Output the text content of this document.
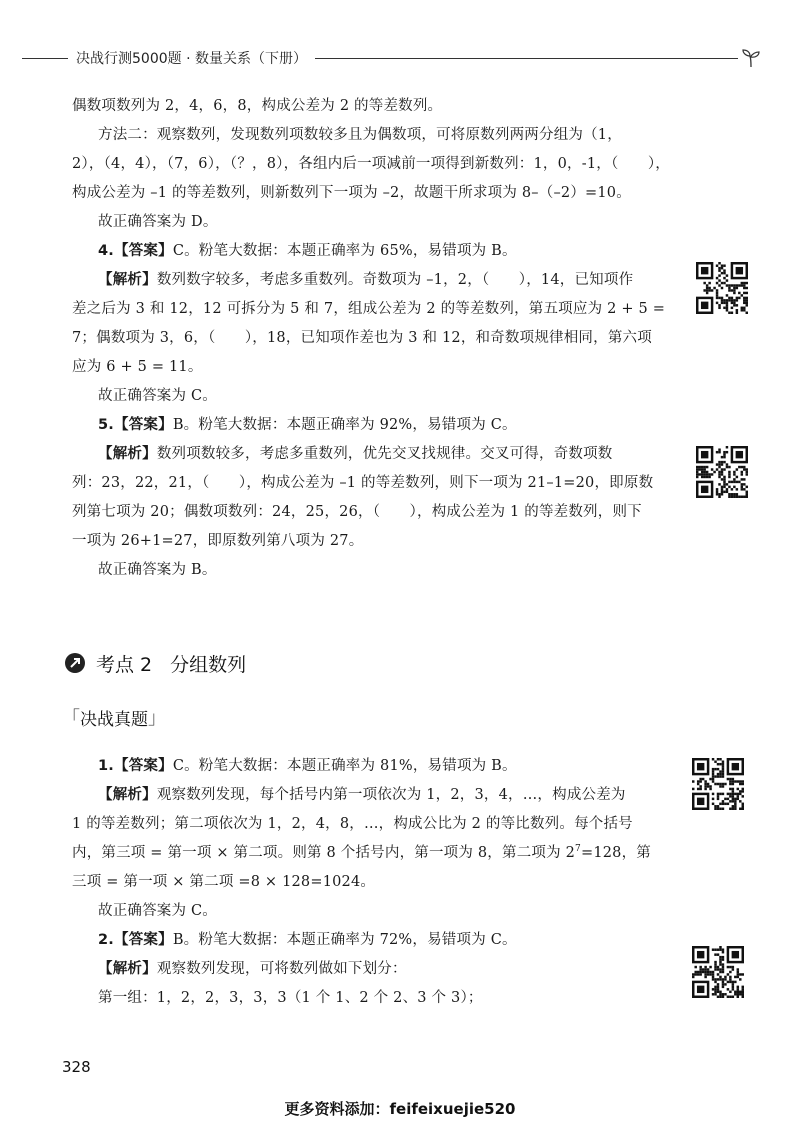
决战行测5000题 · 数量关系（下册）

偶数项数列为 2，4，6，8，构成公差为 2 的等差数列。

方法二：观察数列，发现数列项数较多且为偶数项，可将原数列两两分组为（1，

2），（4，4），（7，6），（？，8），各组内后一项减前一项得到新数列：1，0，-1，（　　），

构成公差为 –1 的等差数列，则新数列下一项为 –2，故题干所求项为 8–（–2）=10。

故正确答案为 D。

4.【答案】C。粉笔大数据：本题正确率为 65%，易错项为 B。

【解析】数列数字较多，考虑多重数列。奇数项为 –1，2，（　　），14，已知项作

差之后为 3 和 12，12 可拆分为 5 和 7，组成公差为 2 的等差数列，第五项应为 2 + 5 =

7；偶数项为 3，6，（　　），18，已知项作差也为 3 和 12，和奇数项规律相同，第六项

应为 6 + 5 = 11。

故正确答案为 C。

5.【答案】B。粉笔大数据：本题正确率为 92%，易错项为 C。

【解析】数列项数较多，考虑多重数列，优先交叉找规律。交叉可得，奇数项数

列：23，22，21，（　　），构成公差为 –1 的等差数列，则下一项为 21–1=20，即原数

列第七项为 20；偶数项数列：24，25，26，（　　），构成公差为 1 的等差数列，则下

一项为 26+1=27，即原数列第八项为 27。

故正确答案为 B。

考点 2 分组数列
「 决战真题 」

1.【答案】C。粉笔大数据：本题正确率为 81%，易错项为 B。

【解析】观察数列发现，每个括号内第一项依次为 1，2，3，4，…，构成公差为

1 的等差数列；第二项依次为 1，2，4，8，…，构成公比为 2 的等比数列。每个括号

内，第三项 = 第一项 × 第二项。则第 8 个括号内，第一项为 8，第二项为 $2^7=128$，第

三项 = 第一项 × 第二项 =8 × 128=1024。

故正确答案为 C。

2.【答案】B。粉笔大数据：本题正确率为 72%，易错项为 C。

【解析】观察数列发现，可将数列做如下划分：

第一组：1，2，2，3，3，3（1 个 1、2 个 2、3 个 3）；

328
更多资料添加：feifeixuejie520
